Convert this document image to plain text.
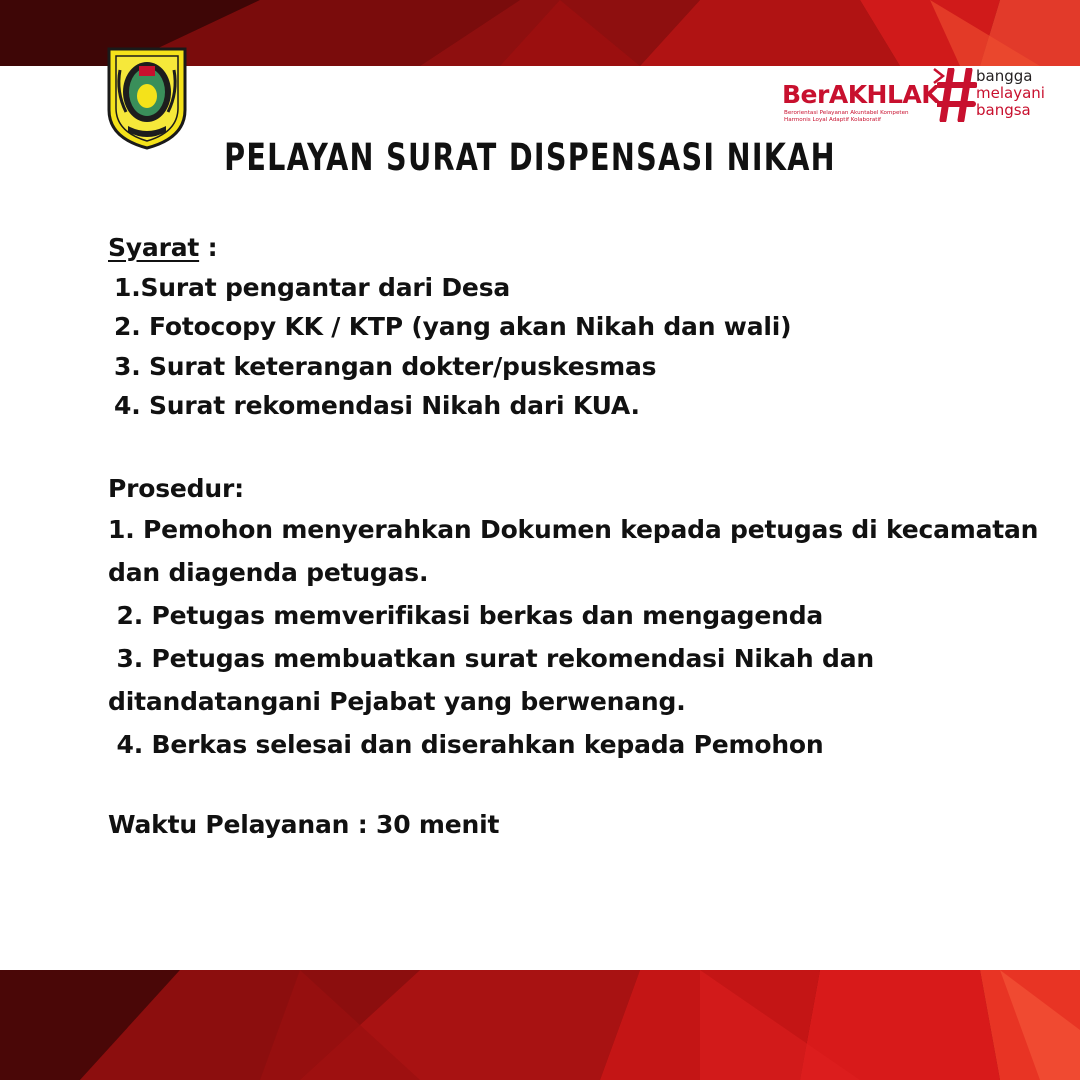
BerAKHLAK
Berorientasi Pelayanan Akuntabel Kompeten
Harmonis Loyal Adaptif Kolaboratif
bangga
melayani
bangsa
PELAYAN SURAT DISPENSASI NIKAH
Syarat :
1.Surat pengantar dari Desa
2. Fotocopy KK / KTP (yang akan Nikah dan wali)
3. Surat keterangan dokter/puskesmas
4. Surat rekomendasi Nikah dari KUA.
Prosedur:
1. Pemohon menyerahkan Dokumen kepada petugas di kecamatan
dan diagenda petugas.
2. Petugas memverifikasi berkas dan mengagenda
3. Petugas membuatkan surat rekomendasi Nikah dan
ditandatangani Pejabat yang berwenang.
4. Berkas selesai dan diserahkan kepada Pemohon
Waktu Pelayanan : 30 menit
